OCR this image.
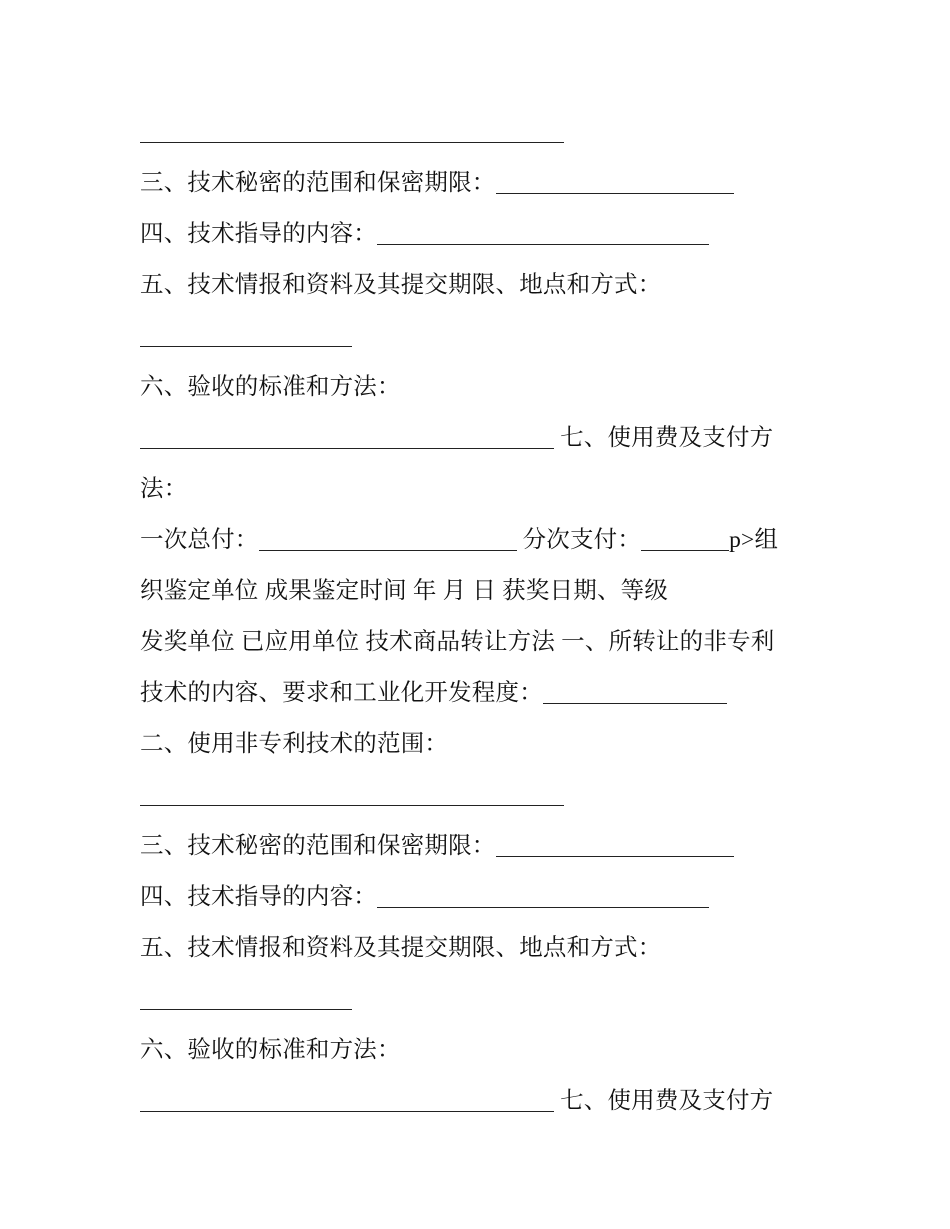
三、技术秘密的范围和保密期限：
四、技术指导的内容：
五、技术情报和资料及其提交期限、地点和方式：
六、验收的标准和方法：
七、使用费及支付方
法：
一次总付：	分次支付：	p>组
织鉴定单位 成果鉴定时间 年 月 日 获奖日期、等级
发奖单位 已应用单位 技术商品转让方法 一、所转让的非专利
技术的内容、要求和工业化开发程度：
二、使用非专利技术的范围：
三、技术秘密的范围和保密期限：
四、技术指导的内容：
五、技术情报和资料及其提交期限、地点和方式：
六、验收的标准和方法：
七、使用费及支付方
